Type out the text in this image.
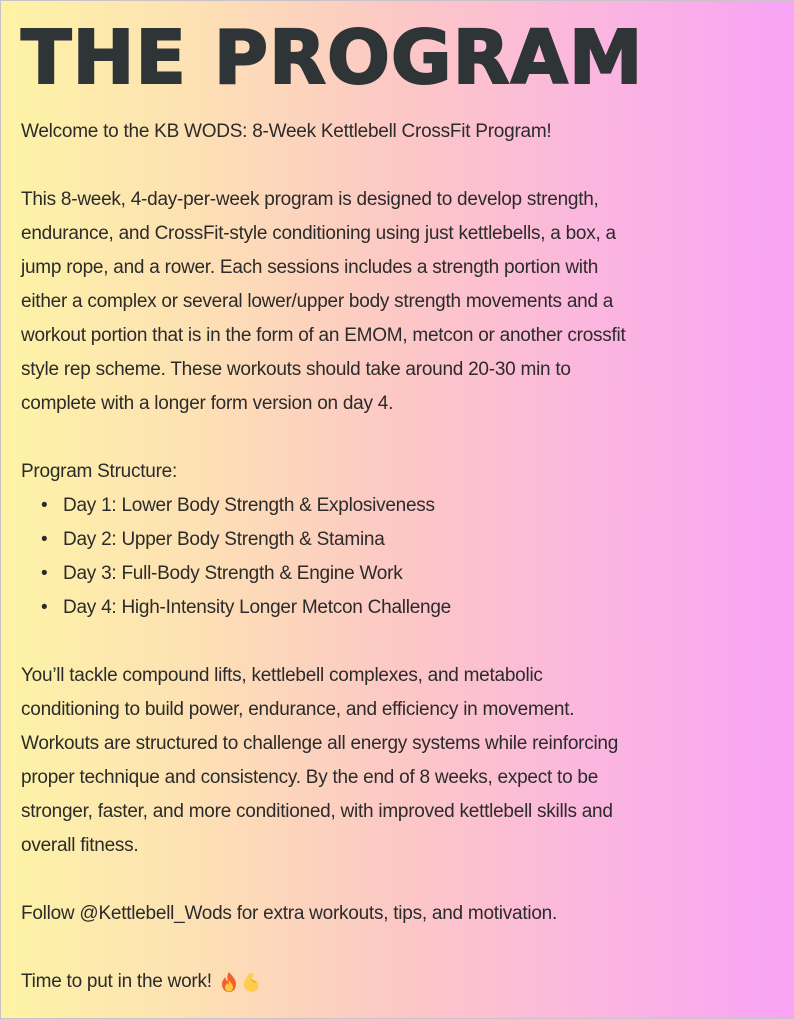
THE PROGRAM

Welcome to the KB WODS: 8-Week Kettlebell CrossFit Program!

This 8-week, 4-day-per-week program is designed to develop strength,
endurance, and CrossFit-style conditioning using just kettlebells, a box, a
jump rope, and a rower. Each sessions includes a strength portion with
either a complex or several lower/upper body strength movements and a
workout portion that is in the form of an EMOM, metcon or another crossfit
style rep scheme. These workouts should take around 20-30 min to
complete with a longer form version on day 4.
Program Structure:
• Day 1: Lower Body Strength & Explosiveness
• Day 2: Upper Body Strength & Stamina
• Day 3: Full-Body Strength & Engine Work
• Day 4: High-Intensity Longer Metcon Challenge
You’ll tackle compound lifts, kettlebell complexes, and metabolic
conditioning to build power, endurance, and efficiency in movement.
Workouts are structured to challenge all energy systems while reinforcing
proper technique and consistency. By the end of 8 weeks, expect to be
stronger, faster, and more conditioned, with improved kettlebell skills and
overall fitness.
Follow @Kettlebell_Wods for extra workouts, tips, and motivation.
Time to put in the work!
